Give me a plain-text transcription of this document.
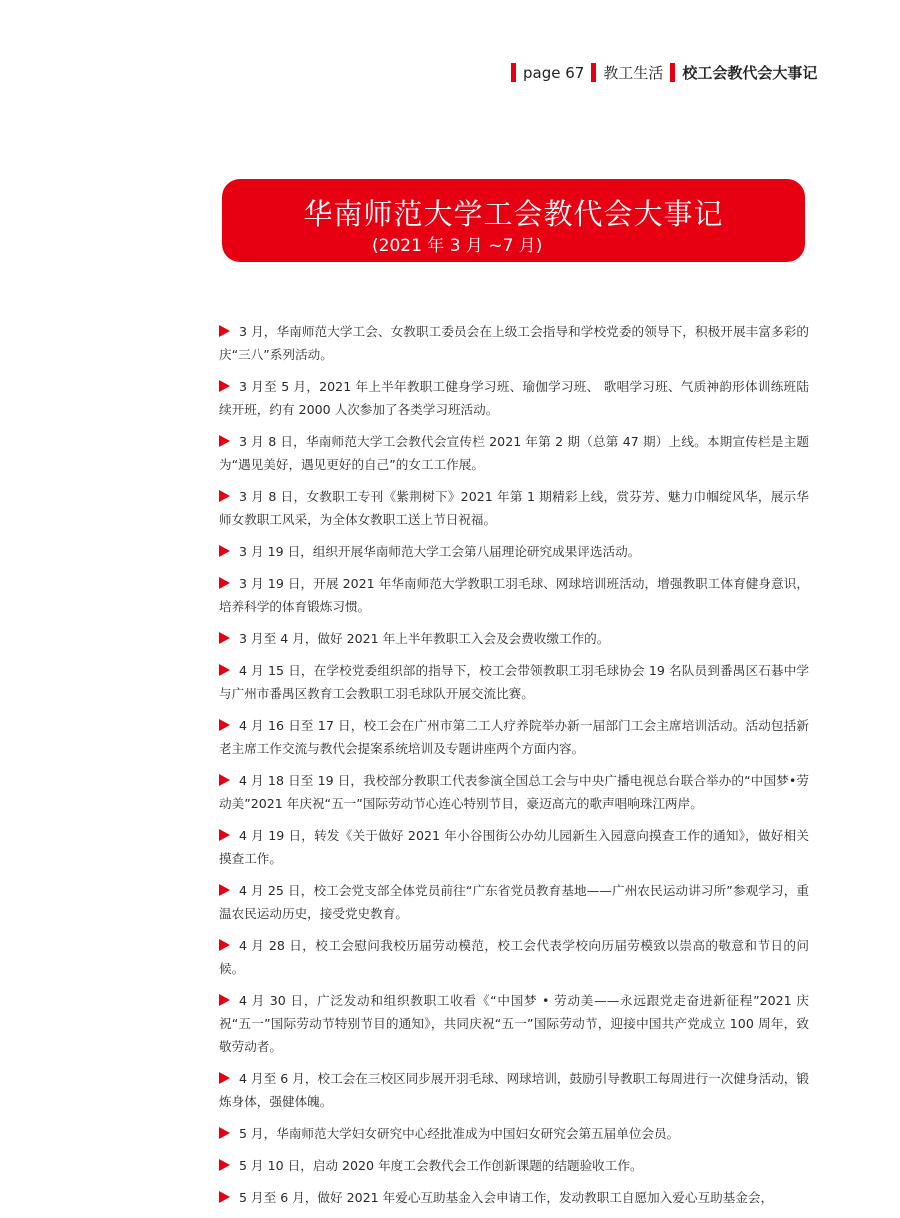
page 67 教工生活 校工会教代会大事记
华南师范大学工会教代会大事记
(2021 年 3 月 ~7 月)
3 月，华南师范大学工会、女教职工委员会在上级工会指导和学校党委的领导下，积极开展丰富多彩的庆“三八”系列活动。
3 月至 5 月，2021 年上半年教职工健身学习班、瑜伽学习班、 歌唱学习班、气质神韵形体训练班陆续开班，约有 2000 人次参加了各类学习班活动。
3 月 8 日，华南师范大学工会教代会宣传栏 2021 年第 2 期（总第 47 期）上线。本期宣传栏是主题为“遇见美好，遇见更好的自己”的女工工作展。
3 月 8 日，女教职工专刊《紫荆树下》2021 年第 1 期精彩上线，赏芬芳、魅力巾帼绽风华，展示华师女教职工风采，为全体女教职工送上节日祝福。
3 月 19 日，组织开展华南师范大学工会第八届理论研究成果评选活动。
3 月 19 日，开展 2021 年华南师范大学教职工羽毛球、网球培训班活动，增强教职工体育健身意识，培养科学的体育锻炼习惯。
3 月至 4 月，做好 2021 年上半年教职工入会及会费收缴工作的。
4 月 15 日，在学校党委组织部的指导下，校工会带领教职工羽毛球协会 19 名队员到番禺区石碁中学与广州市番禺区教育工会教职工羽毛球队开展交流比赛。
4 月 16 日至 17 日，校工会在广州市第二工人疗养院举办新一届部门工会主席培训活动。活动包括新老主席工作交流与教代会提案系统培训及专题讲座两个方面内容。
4 月 18 日至 19 日，我校部分教职工代表参演全国总工会与中央广播电视总台联合举办的“中国梦•劳动美”2021 年庆祝“五一”国际劳动节心连心特别节目，豪迈高亢的歌声唱响珠江两岸。
4 月 19 日，转发《关于做好 2021 年小谷围街公办幼儿园新生入园意向摸查工作的通知》，做好相关摸查工作。
4 月 25 日，校工会党支部全体党员前往“广东省党员教育基地——广州农民运动讲习所”参观学习，重温农民运动历史，接受党史教育。
4 月 28 日，校工会慰问我校历届劳动模范，校工会代表学校向历届劳模致以崇高的敬意和节日的问候。
4 月 30 日，广泛发动和组织教职工收看《“中国梦 • 劳动美——永远跟党走奋进新征程”2021 庆祝“五一”国际劳动节特别节目的通知》，共同庆祝“五一”国际劳动节，迎接中国共产党成立 100 周年，致敬劳动者。
4 月至 6 月，校工会在三校区同步展开羽毛球、网球培训，鼓励引导教职工每周进行一次健身活动，锻炼身体，强健体魄。
5 月，华南师范大学妇女研究中心经批准成为中国妇女研究会第五届单位会员。
5 月 10 日，启动 2020 年度工会教代会工作创新课题的结题验收工作。
5 月至 6 月，做好 2021 年爱心互助基金入会申请工作，发动教职工自愿加入爱心互助基金会，
